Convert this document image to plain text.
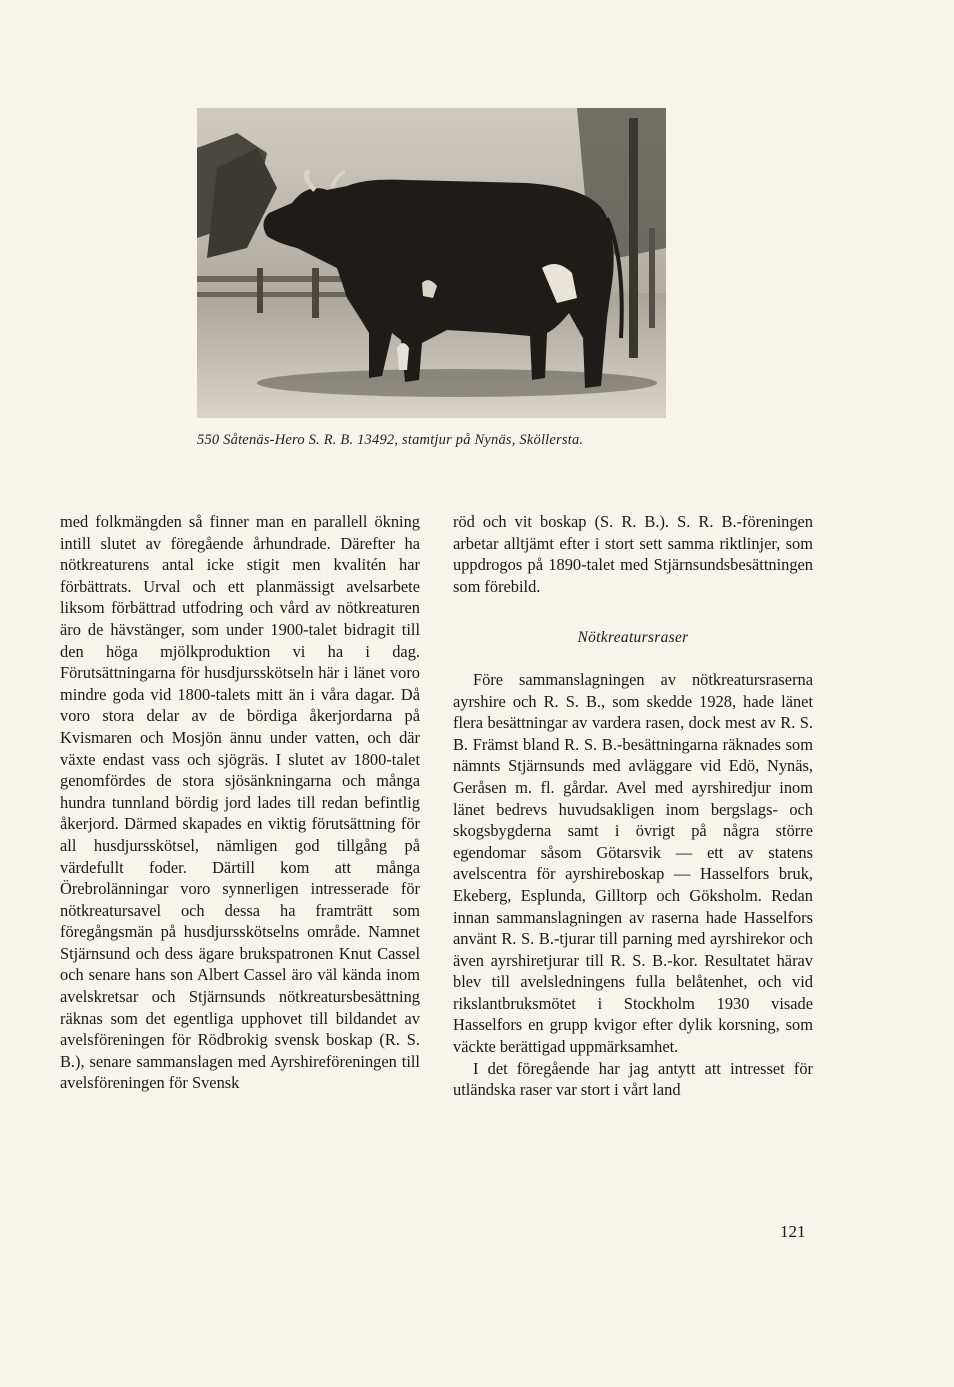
550 Såtenäs-Hero S. R. B. 13492, stamtjur på Nynäs, Sköllersta.

med folkmängden så finner man en parallell ökning intill slutet av föregående århundrade. Därefter ha nötkreaturens antal icke stigit men kvalitén har förbättrats. Urval och ett planmässigt avelsarbete liksom förbättrad utfodring och vård av nötkreaturen äro de hävstänger, som under 1900-talet bidragit till den höga mjölkproduktion vi ha i dag. Förutsättningarna för husdjursskötseln här i länet voro mindre goda vid 1800-talets mitt än i våra dagar. Då voro stora delar av de bördiga åkerjordarna på Kvismaren och Mosjön ännu under vatten, och där växte endast vass och sjögräs. I slutet av 1800-talet genomfördes de stora sjösänkningarna och många hundra tunnland bördig jord lades till redan befintlig åkerjord. Därmed skapades en viktig förutsättning för all husdjursskötsel, nämligen god tillgång på värdefullt foder. Därtill kom att många Örebrolänningar voro synnerligen intresserade för nötkreatursavel och dessa ha framträtt som föregångsmän på husdjursskötselns område. Namnet Stjärnsund och dess ägare brukspatronen Knut Cassel och senare hans son Albert Cassel äro väl kända inom avelskretsar och Stjärnsunds nötkreatursbesättning räknas som det egentliga upphovet till bildandet av avelsföreningen för Rödbrokig svensk boskap (R. S. B.), senare sammanslagen med Ayrshireföreningen till avelsföreningen för Svensk

röd och vit boskap (S. R. B.). S. R. B.-föreningen arbetar alltjämt efter i stort sett samma riktlinjer, som uppdrogos på 1890-talet med Stjärnsundsbesättningen som förebild.

Nötkreatursraser

Före sammanslagningen av nötkreatursraserna ayrshire och R. S. B., som skedde 1928, hade länet flera besättningar av vardera rasen, dock mest av R. S. B. Främst bland R. S. B.-besättningarna räknades som nämnts Stjärnsunds med avläggare vid Edö, Nynäs, Geråsen m. fl. gårdar. Avel med ayrshiredjur inom länet bedrevs huvudsakligen inom bergslags- och skogsbygderna samt i övrigt på några större egendomar såsom Götarsvik — ett av statens avelscentra för ayrshireboskap — Hasselfors bruk, Ekeberg, Esplunda, Gilltorp och Göksholm. Redan innan sammanslagningen av raserna hade Hasselfors använt R. S. B.-tjurar till parning med ayrshirekor och även ayrshiretjurar till R. S. B.-kor. Resultatet härav blev till avelsledningens fulla belåtenhet, och vid rikslantbruksmötet i Stockholm 1930 visade Hasselfors en grupp kvigor efter dylik korsning, som väckte berättigad uppmärksamhet.

I det föregående har jag antytt att intresset för utländska raser var stort i vårt land

121
